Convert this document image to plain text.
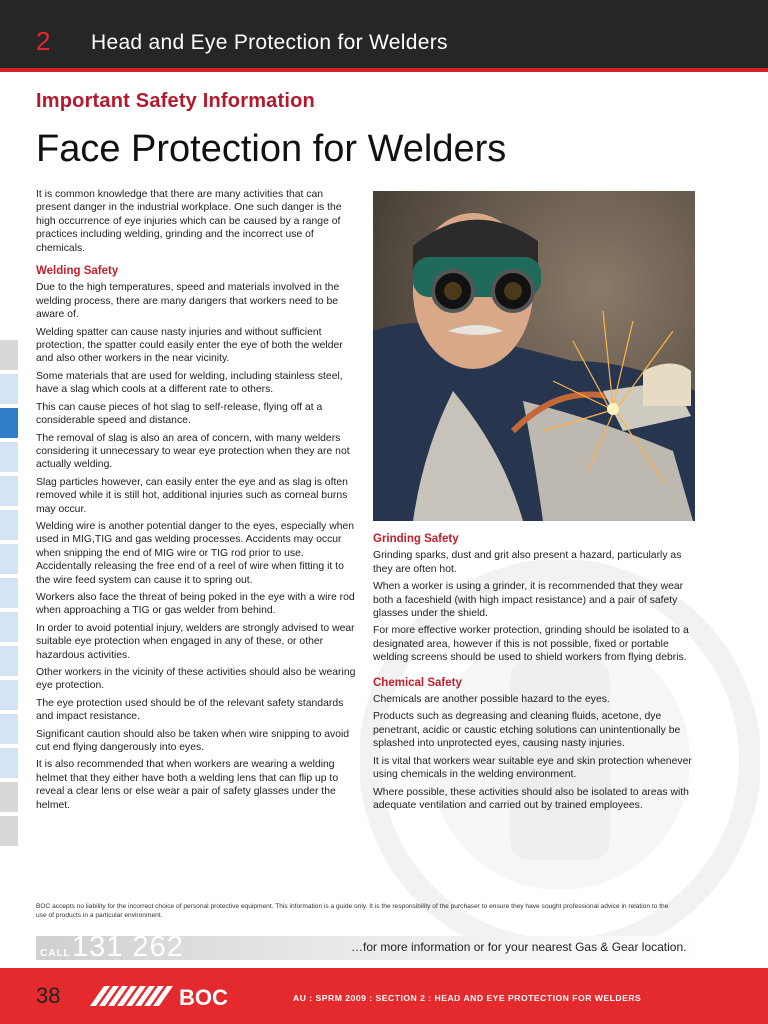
2 Head and Eye Protection for Welders
Important Safety Information
Face Protection for Welders

It is common knowledge that there are many activities that can present danger in the industrial workplace. One such danger is the high occurrence of eye injuries which can be caused by a range of practices including welding, grinding and the incorrect use of chemicals.

Welding Safety

Due to the high temperatures, speed and materials involved in the welding process, there are many dangers that workers need to be aware of.

Welding spatter can cause nasty injuries and without sufficient protection, the spatter could easily enter the eye of both the welder and also other workers in the near vicinity.

Some materials that are used for welding, including stainless steel, have a slag which cools at a different rate to others.

This can cause pieces of hot slag to self-release, flying off at a considerable speed and distance.

The removal of slag is also an area of concern, with many welders considering it unnecessary to wear eye protection when they are not actually welding.

Slag particles however, can easily enter the eye and as slag is often removed while it is still hot, additional injuries such as corneal burns may occur.

Welding wire is another potential danger to the eyes, especially when used in MIG,TIG and gas welding processes. Accidents may occur when snipping the end of MIG wire or TIG rod prior to use. Accidentally releasing the free end of a reel of wire when fitting it to the wire feed system can cause it to spring out.

Workers also face the threat of being poked in the eye with a wire rod when approaching a TIG or gas welder from behind.

In order to avoid potential injury, welders are strongly advised to wear suitable eye protection when engaged in any of these, or other hazardous activities.

Other workers in the vicinity of these activities should also be wearing eye protection.

The eye protection used should be of the relevant safety standards and impact resistance.

Significant caution should also be taken when wire snipping to avoid cut end flying dangerously into eyes.

It is also recommended that when workers are wearing a welding helmet that they either have both a welding lens that can flip up to reveal a clear lens or else wear a pair of safety glasses under the helmet.

Grinding Safety

Grinding sparks, dust and grit also present a hazard, particularly as they are often hot.

When a worker is using a grinder, it is recommended that they wear both a faceshield (with high impact resistance) and a pair of safety glasses under the shield.

For more effective worker protection, grinding should be isolated to a designated area, however if this is not possible, fixed or portable welding screens should be used to shield workers from flying debris.

Chemical Safety

Chemicals are another possible hazard to the eyes.

Products such as degreasing and cleaning fluids, acetone, dye penetrant, acidic or caustic etching solutions can unintentionally be splashed into unprotected eyes, causing nasty injuries.

It is vital that workers wear suitable eye and skin protection whenever using chemicals in the welding environment.

Where possible, these activities should also be isolated to areas with adequate ventilation and carried out by trained employees.

BOC accepts no liability for the incorrect choice of personal protective equipment. This information is a guide only. It is the responsibility of the purchaser to ensure they have sought professional advice in relation to the use of products in a particular environment.
CALL 131 262	…for more information or for your nearest Gas & Gear location.
38	BOC	AU : SPRM 2009 : SECTION 2 : HEAD AND EYE PROTECTION FOR WELDERS
